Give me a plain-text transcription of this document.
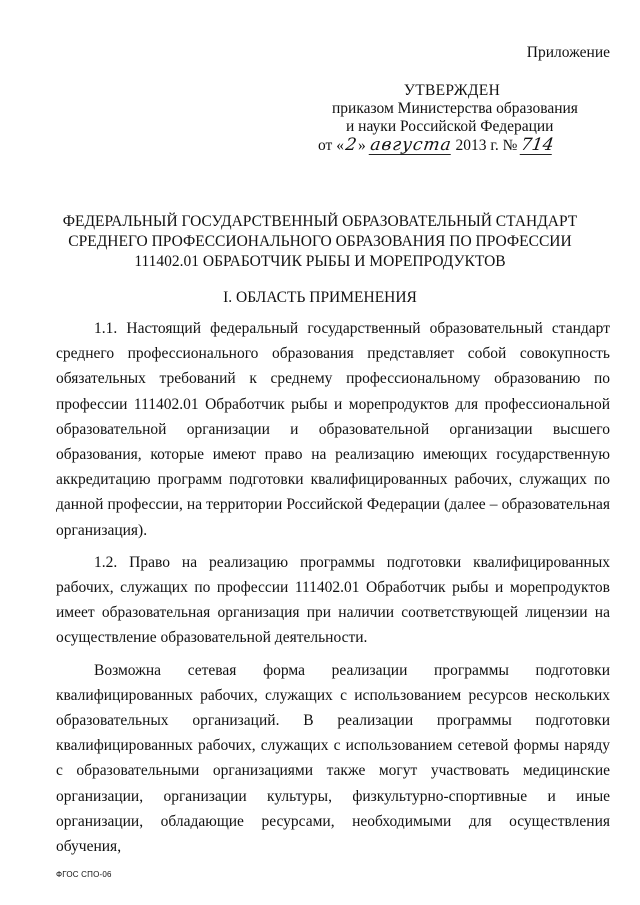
Приложение
УТВЕРЖДЕН
приказом Министерства образования
и науки Российской Федерации
от «2» августа 2013 г. № 714
ФЕДЕРАЛЬНЫЙ ГОСУДАРСТВЕННЫЙ ОБРАЗОВАТЕЛЬНЫЙ СТАНДАРТ
СРЕДНЕГО ПРОФЕССИОНАЛЬНОГО ОБРАЗОВАНИЯ ПО ПРОФЕССИИ
111402.01 ОБРАБОТЧИК РЫБЫ И МОРЕПРОДУКТОВ
I. ОБЛАСТЬ ПРИМЕНЕНИЯ

1.1. Настоящий федеральный государственный образовательный стандарт среднего профессионального образования представляет собой совокупность обязательных требований к среднему профессиональному образованию по профессии 111402.01 Обработчик рыбы и морепродуктов для профессиональной образовательной организации и образовательной организации высшего образования, которые имеют право на реализацию имеющих государственную аккредитацию программ подготовки квалифицированных рабочих, служащих по данной профессии, на территории Российской Федерации (далее – образовательная организация).

1.2. Право на реализацию программы подготовки квалифицированных рабочих, служащих по профессии 111402.01 Обработчик рыбы и морепродуктов имеет образовательная организация при наличии соответствующей лицензии на осуществление образовательной деятельности.

Возможна сетевая форма реализации программы подготовки квалифицированных рабочих, служащих с использованием ресурсов нескольких образовательных организаций. В реализации программы подготовки квалифицированных рабочих, служащих с использованием сетевой формы наряду с образовательными организациями также могут участвовать медицинские организации, организации культуры, физкультурно-спортивные и иные организации, обладающие ресурсами, необходимыми для осуществления обучения,

ФГОС СПО-06
